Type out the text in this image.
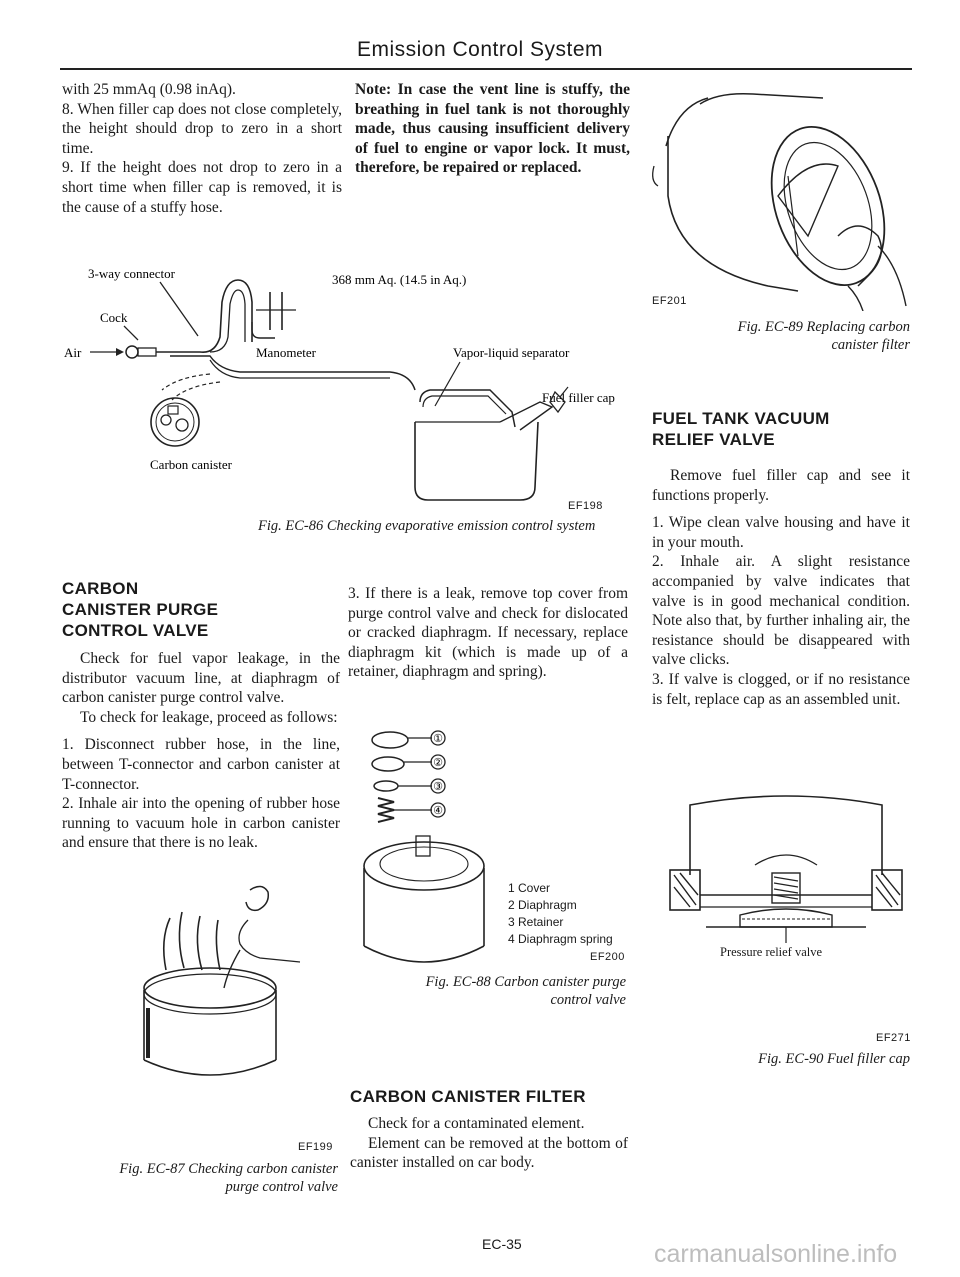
Emission Control System

with 25 mmAq (0.98 inAq).

8. When filler cap does not close completely, the height should drop to zero in a short time.

9. If the height does not drop to zero in a short time when filler cap is removed, it is the cause of a stuffy hose.

Note: In case the vent line is stuffy, the breathing in fuel tank is not thoroughly made, thus causing insufficient delivery of fuel to engine or vapor lock. It must, therefore, be repaired or replaced.
3-way connector	368 mm Aq. (14.5 in Aq.)
Cock
Air	Manometer	Vapor-liquid separator
Fuel filler cap
Carbon canister
EF198
Fig. EC-86 Checking evaporative emission control system
CARBON
CANISTER PURGE
CONTROL VALVE

Check for fuel vapor leakage, in the distributor vacuum line, at diaphragm of carbon canister purge control valve.

To check for leakage, proceed as follows:

1. Disconnect rubber hose, in the line, between T-connector and carbon canister at T-connector.

2. Inhale air into the opening of rubber hose running to vacuum hole in carbon canister and ensure that there is no leak.

3. If there is a leak, remove top cover from purge control valve and check for dislocated or cracked diaphragm. If necessary, replace diaphragm kit (which is made up of a retainer, diaphragm and spring).
EF199
Fig. EC-87 Checking carbon canister
purge control valve
①
②
③
④
1 Cover
2 Diaphragm
3 Retainer
4 Diaphragm spring
EF200
Fig. EC-88 Carbon canister purge
control valve
CARBON CANISTER FILTER

Check for a contaminated element.

Element can be removed at the bottom of canister installed on car body.

EC-35
EF201
Fig. EC-89 Replacing carbon
canister filter
FUEL TANK VACUUM
RELIEF VALVE

Remove fuel filler cap and see it functions properly.

1. Wipe clean valve housing and have it in your mouth.

2. Inhale air. A slight resistance accompanied by valve indicates that valve is in good mechanical condition. Note also that, by further inhaling air, the resistance should be disappeared with valve clicks.

3. If valve is clogged, or if no resistance is felt, replace cap as an assembled unit.

Pressure relief valve
EF271
Fig. EC-90 Fuel filler cap
carmanualsonline.info
